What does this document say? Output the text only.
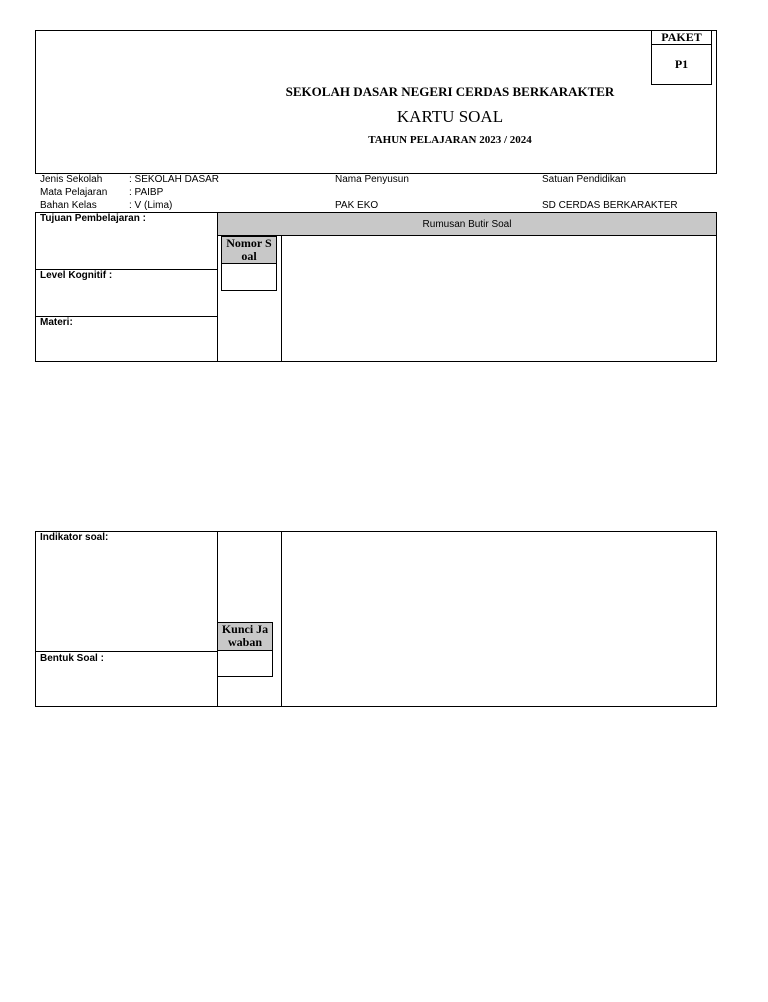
PAKET
P1
SEKOLAH DASAR NEGERI CERDAS BERKARAKTER
KARTU SOAL
TAHUN PELAJARAN 2023 / 2024
Jenis Sekolah	: SEKOLAH DASAR
Mata Pelajaran : PAIBP
Bahan Kelas	: V (Lima)
Nama Penyusun
PAK EKO
Satuan Pendidikan
SD CERDAS BERKARAKTER
Tujuan Pembelajaran :
Level Kognitif :
Materi:
Rumusan Butir Soal
Nomor S
oal
Indikator soal:
Bentuk Soal :
Kunci Ja
waban
